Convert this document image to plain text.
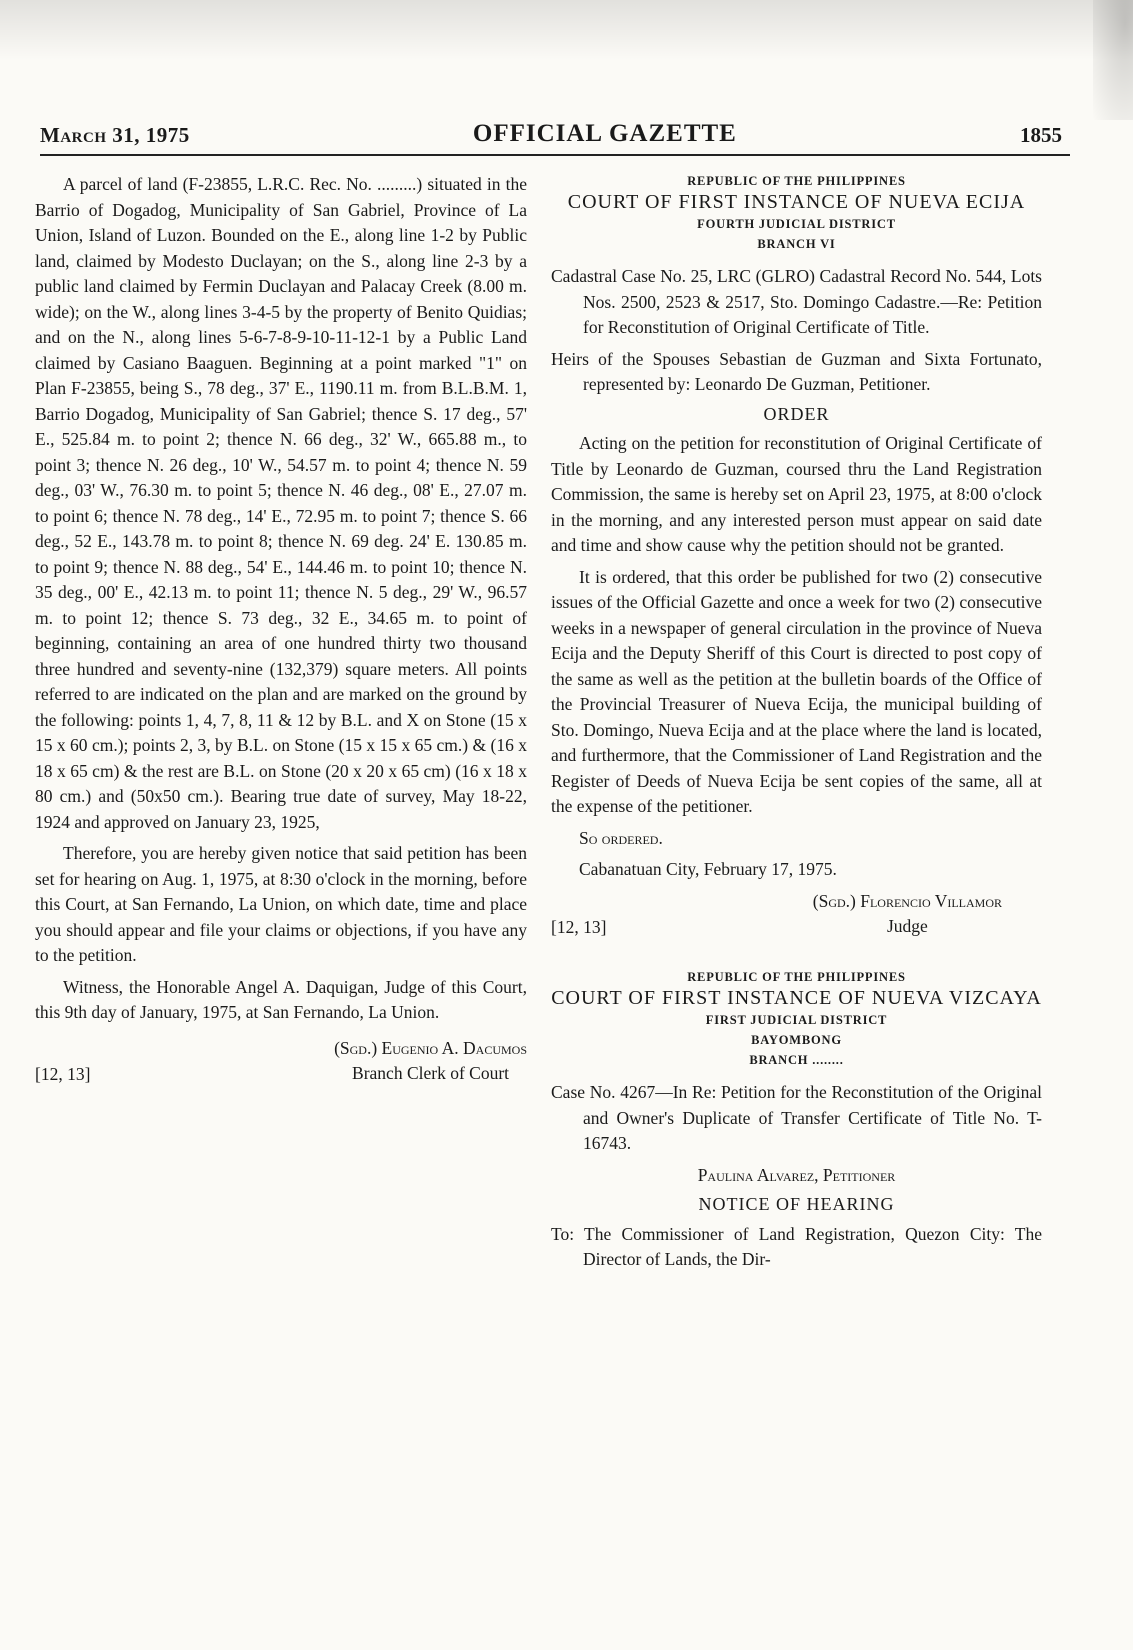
March 31, 1975	OFFICIAL GAZETTE	1855

A parcel of land (F-23855, L.R.C. Rec. No. .........) situated in the Barrio of Dogadog, Municipality of San Gabriel, Province of La Union, Island of Luzon. Bounded on the E., along line 1-2 by Public land, claimed by Modesto Duclayan; on the S., along line 2-3 by a public land claimed by Fermin Duclayan and Palacay Creek (8.00 m. wide); on the W., along lines 3-4-5 by the property of Benito Quidias; and on the N., along lines 5-6-7-8-9-10-11-12-1 by a Public Land claimed by Casiano Baaguen. Beginning at a point marked "1" on Plan F-23855, being S., 78 deg., 37' E., 1190.11 m. from B.L.B.M. 1, Barrio Dogadog, Municipality of San Gabriel; thence S. 17 deg., 57' E., 525.84 m. to point 2; thence N. 66 deg., 32' W., 665.88 m., to point 3; thence N. 26 deg., 10' W., 54.57 m. to point 4; thence N. 59 deg., 03' W., 76.30 m. to point 5; thence N. 46 deg., 08' E., 27.07 m. to point 6; thence N. 78 deg., 14' E., 72.95 m. to point 7; thence S. 66 deg., 52 E., 143.78 m. to point 8; thence N. 69 deg. 24' E. 130.85 m. to point 9; thence N. 88 deg., 54' E., 144.46 m. to point 10; thence N. 35 deg., 00' E., 42.13 m. to point 11; thence N. 5 deg., 29' W., 96.57 m. to point 12; thence S. 73 deg., 32 E., 34.65 m. to point of beginning, containing an area of one hundred thirty two thousand three hundred and seventy-nine (132,379) square meters. All points referred to are indicated on the plan and are marked on the ground by the following: points 1, 4, 7, 8, 11 & 12 by B.L. and X on Stone (15 x 15 x 60 cm.); points 2, 3, by B.L. on Stone (15 x 15 x 65 cm.) & (16 x 18 x 65 cm) & the rest are B.L. on Stone (20 x 20 x 65 cm) (16 x 18 x 80 cm.) and (50x50 cm.). Bearing true date of survey, May 18-22, 1924 and approved on January 23, 1925,

Therefore, you are hereby given notice that said petition has been set for hearing on Aug. 1, 1975, at 8:30 o'clock in the morning, before this Court, at San Fernando, La Union, on which date, time and place you should appear and file your claims or objections, if you have any to the petition.

Witness, the Honorable Angel A. Daquigan, Judge of this Court, this 9th day of January, 1975, at San Fernando, La Union.

[12, 13]
(Sgd.) Eugenio A. Dacumos
Branch Clerk of Court
REPUBLIC OF THE PHILIPPINES
COURT OF FIRST INSTANCE OF NUEVA ECIJA
FOURTH JUDICIAL DISTRICT
BRANCH VI

Cadastral Case No. 25, LRC (GLRO) Cadastral Record No. 544, Lots Nos. 2500, 2523 & 2517, Sto. Domingo Cadastre.—Re: Petition for Reconstitution of Original Certificate of Title.

Heirs of the Spouses Sebastian de Guzman and Sixta Fortunato, represented by: Leonardo De Guzman, Petitioner.

ORDER

Acting on the petition for reconstitution of Original Certificate of Title by Leonardo de Guzman, coursed thru the Land Registration Commission, the same is hereby set on April 23, 1975, at 8:00 o'clock in the morning, and any interested person must appear on said date and time and show cause why the petition should not be granted.

It is ordered, that this order be published for two (2) consecutive issues of the Official Gazette and once a week for two (2) consecutive weeks in a newspaper of general circulation in the province of Nueva Ecija and the Deputy Sheriff of this Court is directed to post copy of the same as well as the petition at the bulletin boards of the Office of the Provincial Treasurer of Nueva Ecija, the municipal building of Sto. Domingo, Nueva Ecija and at the place where the land is located, and furthermore, that the Commissioner of Land Registration and the Register of Deeds of Nueva Ecija be sent copies of the same, all at the expense of the petitioner.

So ordered.

Cabanatuan City, February 17, 1975.

[12, 13]
(Sgd.) Florencio Villamor
Judge
REPUBLIC OF THE PHILIPPINES
COURT OF FIRST INSTANCE OF NUEVA VIZCAYA
FIRST JUDICIAL DISTRICT
BAYOMBONG
BRANCH ........

Case No. 4267—In Re: Petition for the Reconstitution of the Original and Owner's Duplicate of Transfer Certificate of Title No. T-16743.

Paulina Alvarez, Petitioner

NOTICE OF HEARING

To: The Commissioner of Land Registration, Quezon City: The Director of Lands, the Dir-
